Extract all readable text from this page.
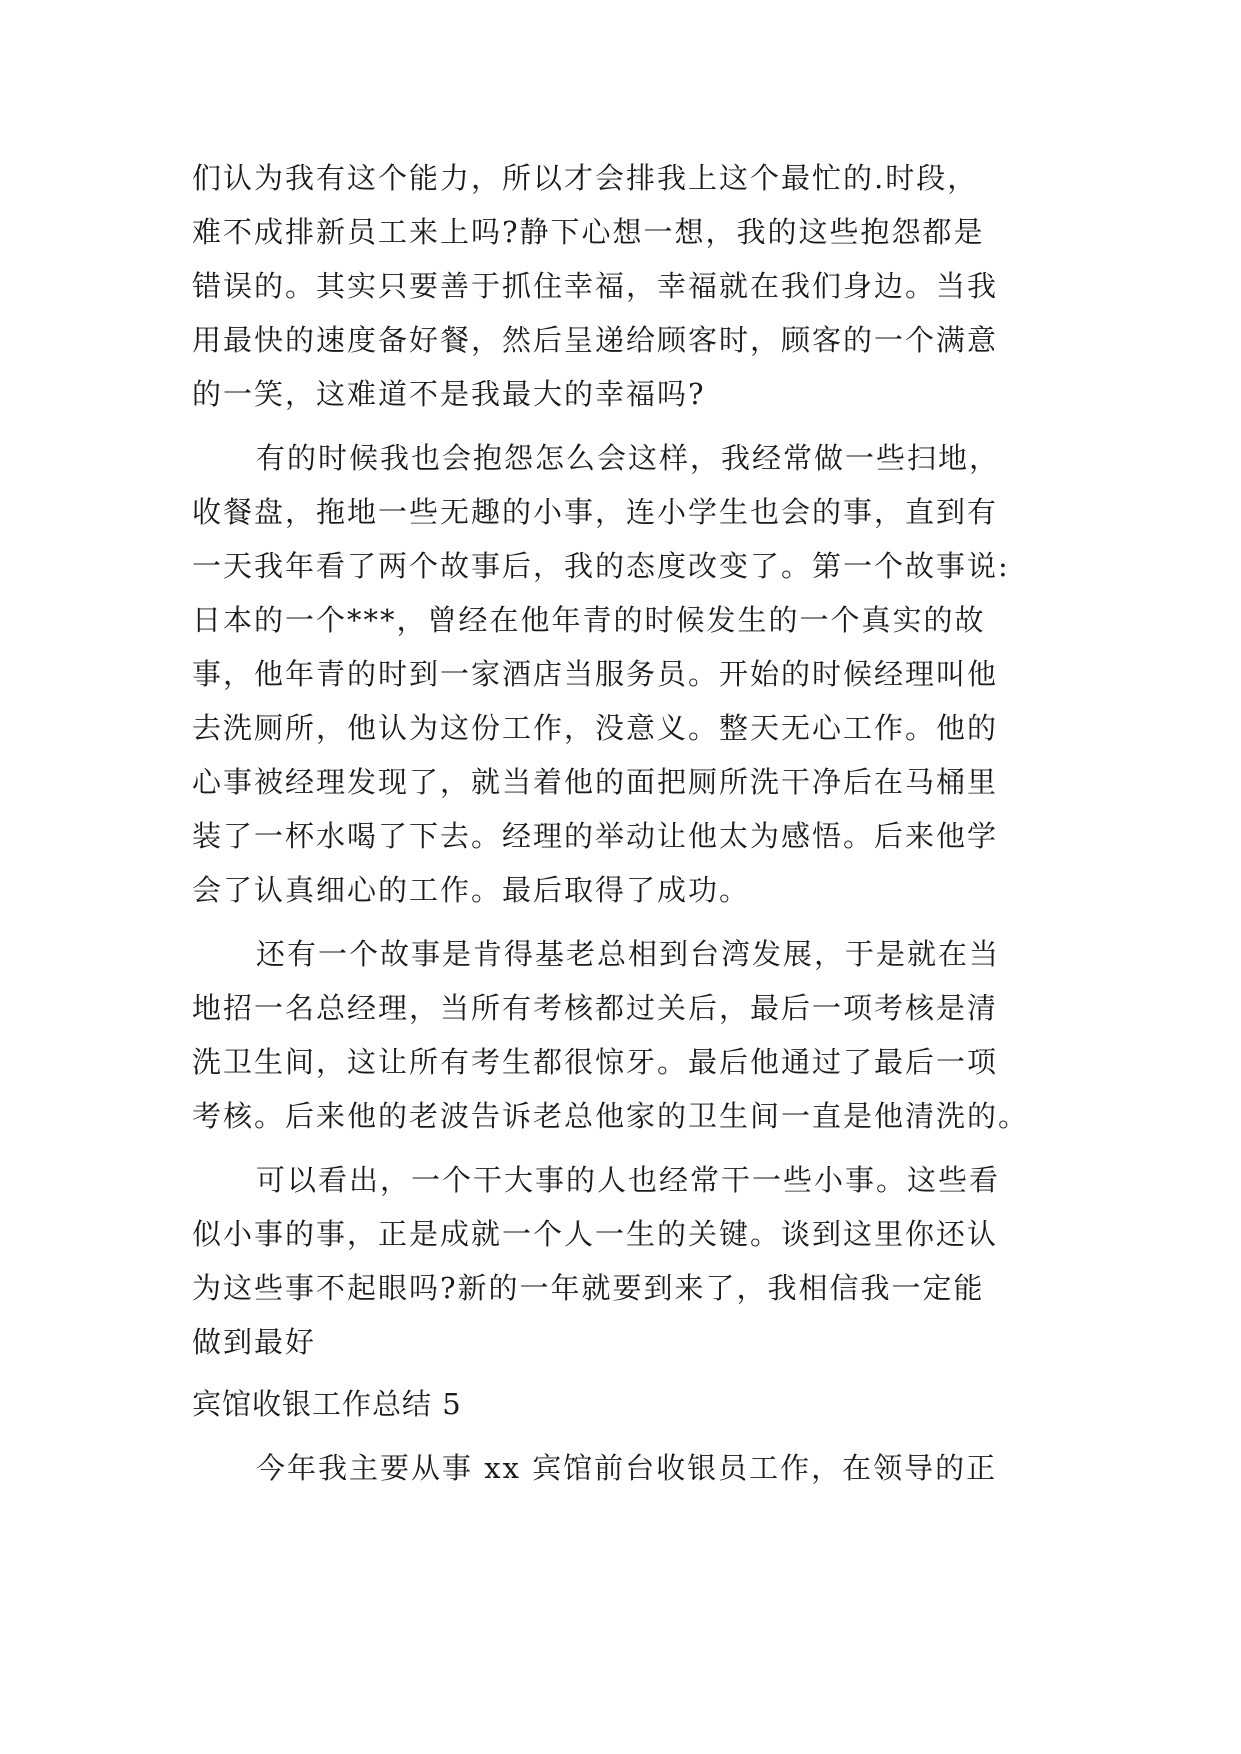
们认为我有这个能力，所以才会排我上这个最忙的.时段，
难不成排新员工来上吗?静下心想一想，我的这些抱怨都是
错误的。其实只要善于抓住幸福，幸福就在我们身边。当我
用最快的速度备好餐，然后呈递给顾客时，顾客的一个满意
的一笑，这难道不是我最大的幸福吗?
有的时候我也会抱怨怎么会这样，我经常做一些扫地，
收餐盘，拖地一些无趣的小事，连小学生也会的事，直到有
一天我年看了两个故事后，我的态度改变了。第一个故事说:
日本的一个***，曾经在他年青的时候发生的一个真实的故
事，他年青的时到一家酒店当服务员。开始的时候经理叫他
去洗厕所，他认为这份工作，没意义。整天无心工作。他的
心事被经理发现了，就当着他的面把厕所洗干净后在马桶里
装了一杯水喝了下去。经理的举动让他太为感悟。后来他学
会了认真细心的工作。最后取得了成功。
还有一个故事是肯得基老总相到台湾发展，于是就在当
地招一名总经理，当所有考核都过关后，最后一项考核是清
洗卫生间，这让所有考生都很惊牙。最后他通过了最后一项
考核。后来他的老波告诉老总他家的卫生间一直是他清洗的。
可以看出，一个干大事的人也经常干一些小事。这些看
似小事的事，正是成就一个人一生的关键。谈到这里你还认
为这些事不起眼吗?新的一年就要到来了，我相信我一定能
做到最好
宾馆收银工作总结 5
今年我主要从事 xx 宾馆前台收银员工作，在领导的正
